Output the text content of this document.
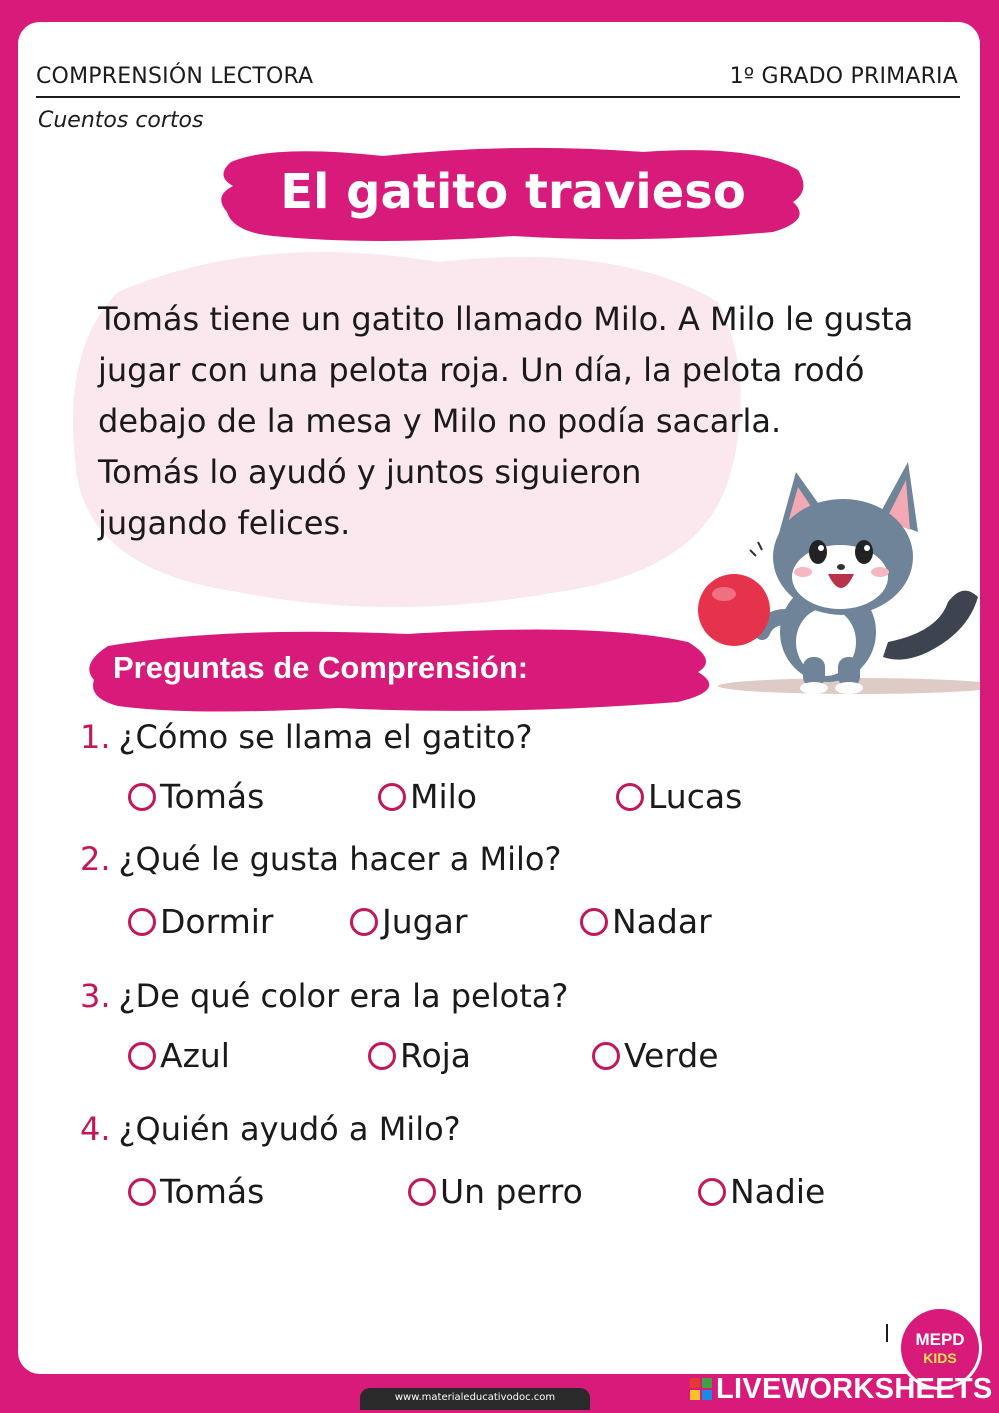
COMPRENSIÓN LECTORA	1º GRADO PRIMARIA
Cuentos cortos
El gatito travieso

Tomás tiene un gatito llamado Milo. A Milo le gusta

jugar con una pelota roja. Un día, la pelota rodó

debajo de la mesa y Milo no podía sacarla.

Tomás lo ayudó y juntos siguieron

jugando felices.

Preguntas de Comprensión:
1. ¿Cómo se llama el gatito?
Tomás	Milo	Lucas
2. ¿Qué le gusta hacer a Milo?
Dormir	Jugar	Nadar
3. ¿De qué color era la pelota?
Azul	Roja	Verde
4. ¿Quién ayudó a Milo?
Tomás	Un perro	Nadie
MEPD
KIDS
www.materialeducativodoc.com	LIVEWORKSHEETS
